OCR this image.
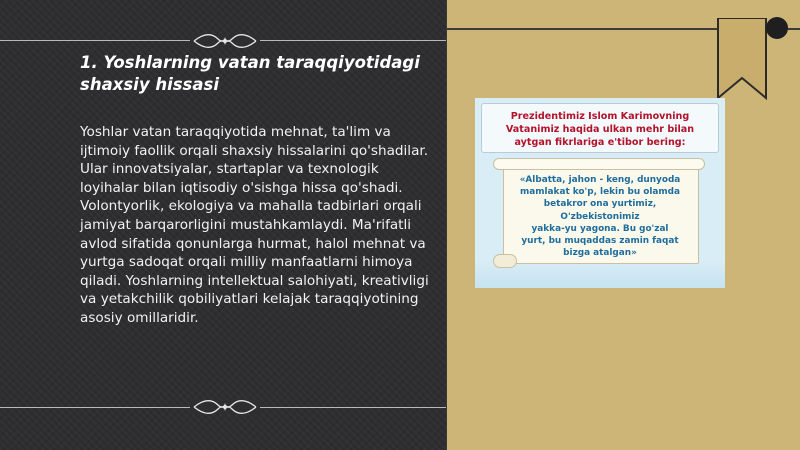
1. Yoshlarning vatan taraqqiyotidagi shaxsiy hissasi

Yoshlar vatan taraqqiyotida mehnat, ta'lim va ijtimoiy faollik orqali shaxsiy hissalarini qo'shadilar. Ular innovatsiyalar, startaplar va texnologik loyihalar bilan iqtisodiy o'sishga hissa qo'shadi. Volontyorlik, ekologiya va mahalla tadbirlari orqali jamiyat barqarorligini mustahkamlaydi. Ma'rifatli avlod sifatida qonunlarga hurmat, halol mehnat va yurtga sadoqat orqali milliy manfaatlarni himoya qiladi. Yoshlarning intellektual salohiyati, kreativligi va yetakchilik qobiliyatlari kelajak taraqqiyotining asosiy omillaridir.

Prezidentimiz Islom Karimovning
Vatanimiz haqida ulkan mehr bilan
aytgan fikrlariga e'tibor bering:
«Albatta, jahon - keng, dunyoda
mamlakat ko'p, lekin bu olamda
betakror ona yurtimiz,
O'zbekistonimiz
yakka-yu yagona. Bu go'zal
yurt, bu muqaddas zamin faqat
bizga atalgan»
